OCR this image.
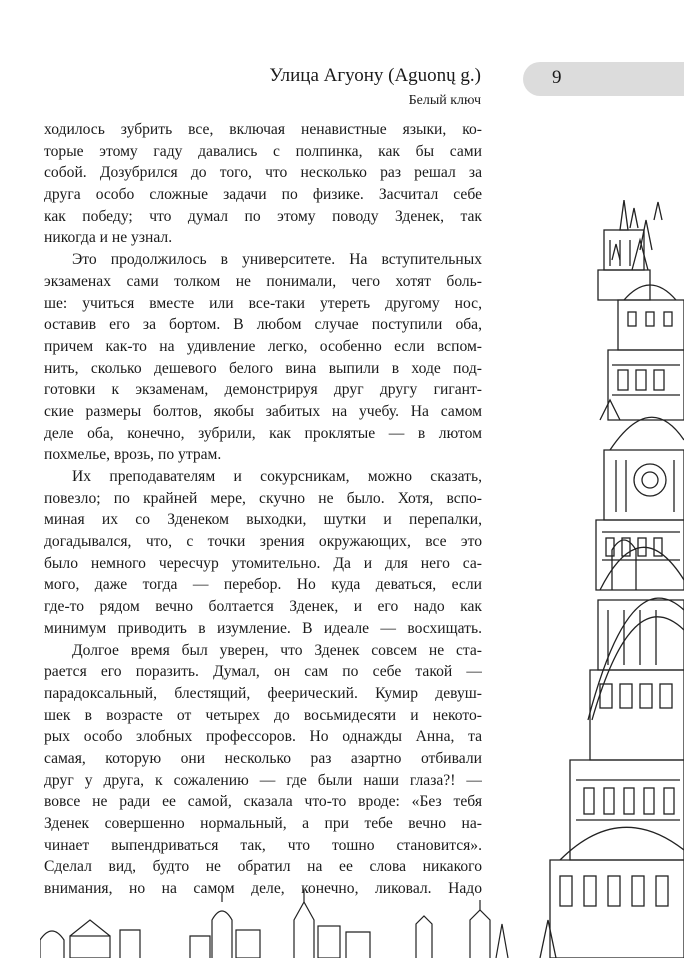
9
Улица Агуону (Aguonų g.)
Белый ключ
ходилось зубрить все, включая ненавистные языки, ко-
торые этому гаду давались с полпинка, как бы сами
собой. Дозубрился до того, что несколько раз решал за
друга особо сложные задачи по физике. Засчитал себе
как победу; что думал по этому поводу Зденек, так
никогда и не узнал.
Это продолжилось в университете. На вступительных
экзаменах сами толком не понимали, чего хотят боль-
ше: учиться вместе или все-таки утереть другому нос,
оставив его за бортом. В любом случае поступили оба,
причем как-то на удивление легко, особенно если вспом-
нить, сколько дешевого белого вина выпили в ходе под-
готовки к экзаменам, демонстрируя друг другу гигант-
ские размеры болтов, якобы забитых на учебу. На самом
деле оба, конечно, зубрили, как проклятые — в лютом
похмелье, врозь, по утрам.
Их преподавателям и сокурсникам, можно сказать,
повезло; по крайней мере, скучно не было. Хотя, вспо-
миная их со Зденеком выходки, шутки и перепалки,
догадывался, что, с точки зрения окружающих, все это
было немного чересчур утомительно. Да и для него са-
мого, даже тогда — перебор. Но куда деваться, если
где-то рядом вечно болтается Зденек, и его надо как
минимум приводить в изумление. В идеале — восхищать.
Долгое время был уверен, что Зденек совсем не ста-
рается его поразить. Думал, он сам по себе такой —
парадоксальный, блестящий, феерический. Кумир девуш-
шек в возрасте от четырех до восьмидесяти и некото-
рых особо злобных профессоров. Но однажды Анна, та
самая, которую они несколько раз азартно отбивали
друг у друга, к сожалению — где были наши глаза?! —
вовсе не ради ее самой, сказала что-то вроде: «Без тебя
Зденек совершенно нормальный, а при тебе вечно на-
чинает выпендриваться так, что тошно становится».
Сделал вид, будто не обратил на ее слова никакого
внимания, но на самом деле, конечно, ликовал. Надо
